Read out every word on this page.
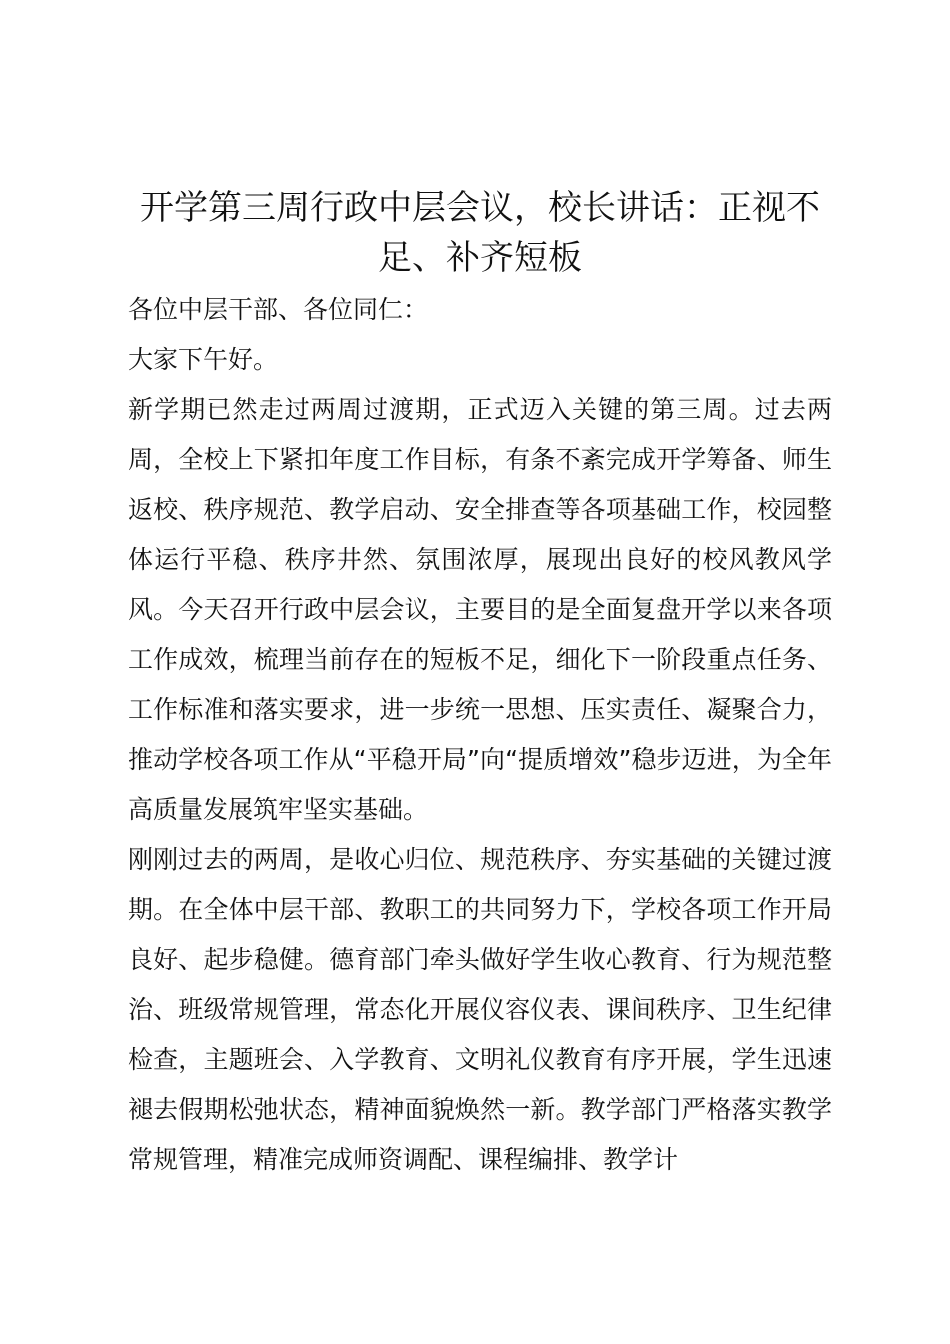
开学第三周行政中层会议，校长讲话：正视不足、补齐短板

各位中层干部、各位同仁：

大家下午好。

新学期已然走过两周过渡期，正式迈入关键的第三周。过去两周，全校上下紧扣年度工作目标，有条不紊完成开学筹备、师生返校、秩序规范、教学启动、安全排查等各项基础工作，校园整体运行平稳、秩序井然、氛围浓厚，展现出良好的校风教风学风。今天召开行政中层会议，主要目的是全面复盘开学以来各项工作成效，梳理当前存在的短板不足，细化下一阶段重点任务、工作标准和落实要求，进一步统一思想、压实责任、凝聚合力，推动学校各项工作从“平稳开局”向“提质增效”稳步迈进，为全年高质量发展筑牢坚实基础。

刚刚过去的两周，是收心归位、规范秩序、夯实基础的关键过渡期。在全体中层干部、教职工的共同努力下，学校各项工作开局良好、起步稳健。德育部门牵头做好学生收心教育、行为规范整治、班级常规管理，常态化开展仪容仪表、课间秩序、卫生纪律检查，主题班会、入学教育、文明礼仪教育有序开展，学生迅速褪去假期松弛状态，精神面貌焕然一新。教学部门严格落实教学常规管理，精准完成师资调配、课程编排、教学计
